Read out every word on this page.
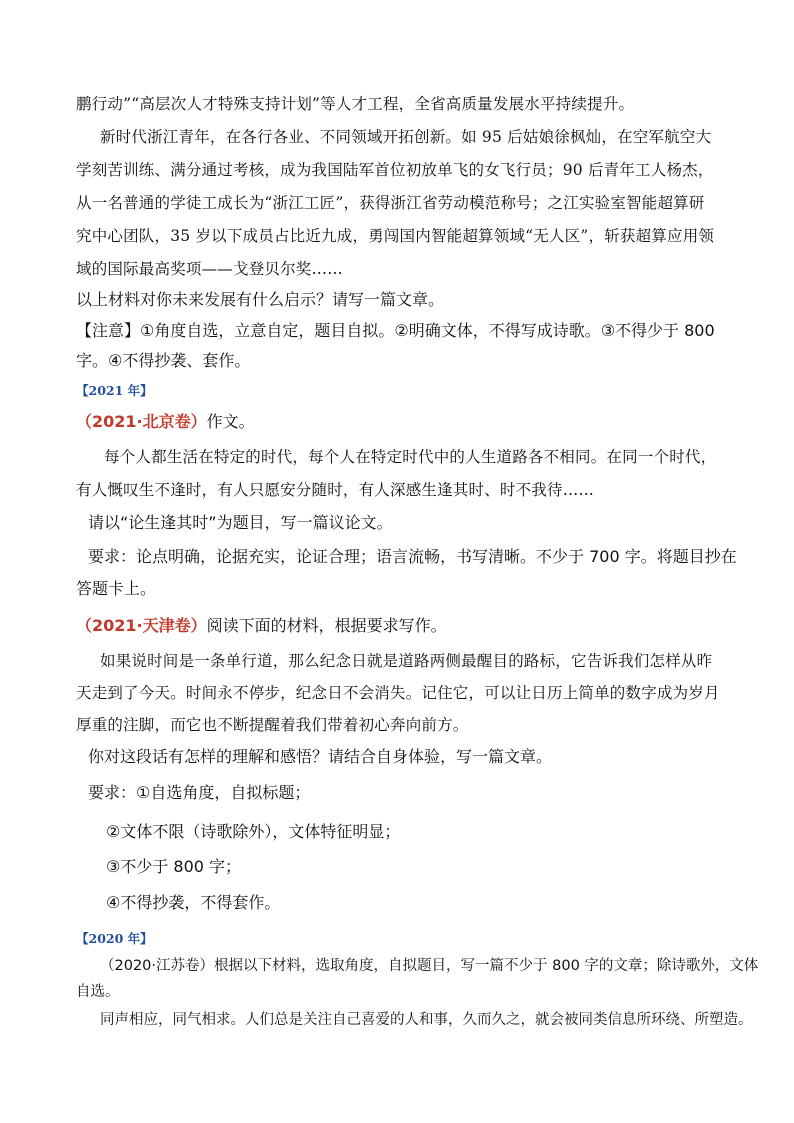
鹏行动”“高层次人才特殊支持计划”等人才工程，全省高质量发展水平持续提升。
新时代浙江青年，在各行各业、不同领域开拓创新。如 95 后姑娘徐枫灿，在空军航空大
学刻苦训练、满分通过考核，成为我国陆军首位初放单飞的女飞行员；90 后青年工人杨杰，
从一名普通的学徒工成长为“浙江工匠”，获得浙江省劳动模范称号；之江实验室智能超算研
究中心团队，35 岁以下成员占比近九成，勇闯国内智能超算领域“无人区”，斩获超算应用领
域的国际最高奖项——戈登贝尔奖……
以上材料对你未来发展有什么启示？请写一篇文章。
【注意】①角度自选，立意自定，题目自拟。②明确文体，不得写成诗歌。③不得少于 800
字。④不得抄袭、套作。
【2021 年】
（2021·北京卷）作文。
每个人都生活在特定的时代，每个人在特定时代中的人生道路各不相同。在同一个时代，
有人慨叹生不逢时，有人只愿安分随时，有人深感生逢其时、时不我待……
请以“论生逢其时”为题目，写一篇议论文。
要求：论点明确，论据充实，论证合理；语言流畅，书写清晰。不少于 700 字。将题目抄在
答题卡上。
（2021·天津卷）阅读下面的材料，根据要求写作。
如果说时间是一条单行道，那么纪念日就是道路两侧最醒目的路标，它告诉我们怎样从昨
天走到了今天。时间永不停步，纪念日不会消失。记住它，可以让日历上简单的数字成为岁月
厚重的注脚，而它也不断提醒着我们带着初心奔向前方。
你对这段话有怎样的理解和感悟？请结合自身体验，写一篇文章。
要求：①自选角度，自拟标题；
②文体不限（诗歌除外），文体特征明显；
③不少于 800 字；
④不得抄袭，不得套作。
【2020 年】
（2020·江苏卷）根据以下材料，选取角度，自拟题目，写一篇不少于 800 字的文章；除诗歌外，文体
自选。
同声相应，同气相求。人们总是关注自己喜爱的人和事，久而久之，就会被同类信息所环绕、所塑造。
